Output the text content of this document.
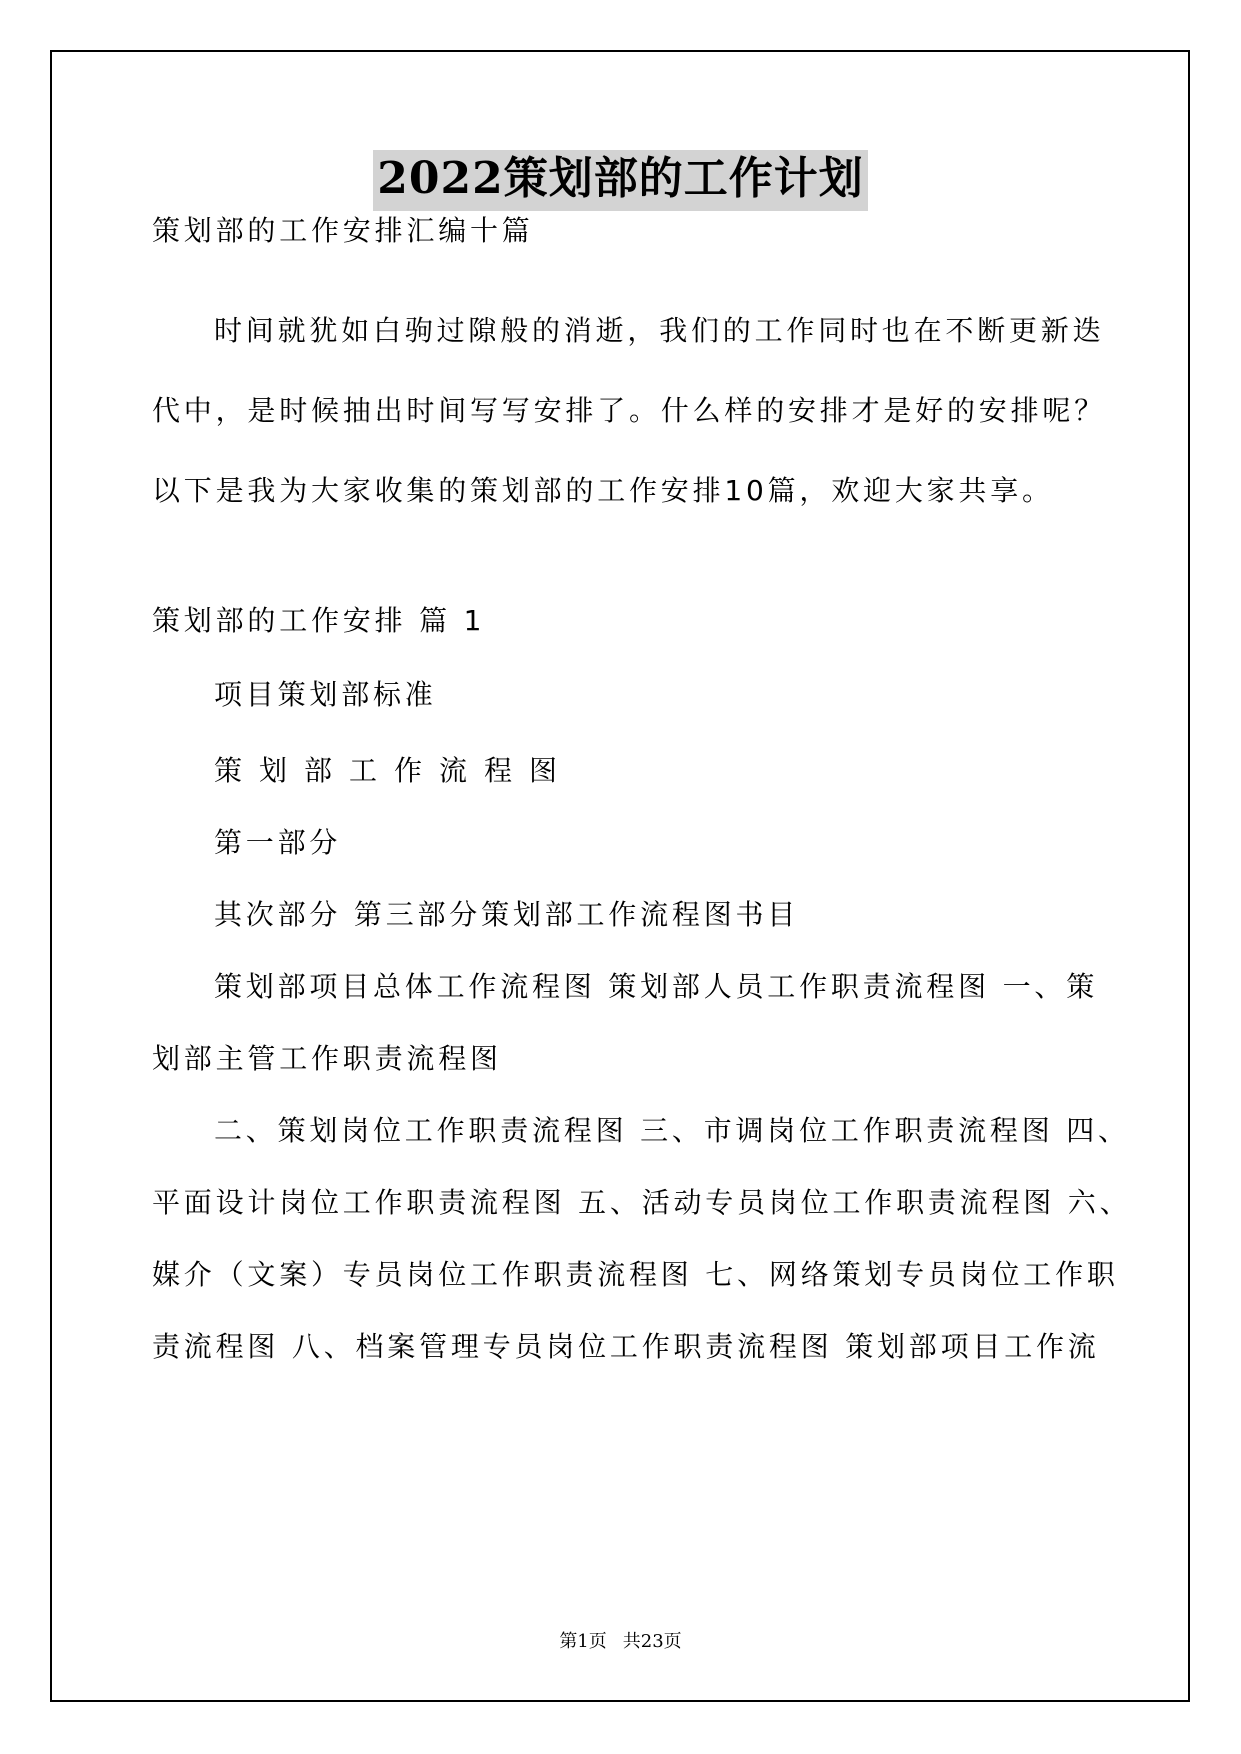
2022策划部的工作计划
策划部的工作安排汇编十篇
时间就犹如白驹过隙般的消逝，我们的工作同时也在不断更新迭
代中，是时候抽出时间写写安排了。什么样的安排才是好的安排呢？
以下是我为大家收集的策划部的工作安排10篇，欢迎大家共享。
策划部的工作安排 篇 1
项目策划部标准
策划部工作流程图
第一部分
其次部分 第三部分策划部工作流程图书目
策划部项目总体工作流程图 策划部人员工作职责流程图 一、策
划部主管工作职责流程图
二、策划岗位工作职责流程图 三、市调岗位工作职责流程图 四、
平面设计岗位工作职责流程图 五、活动专员岗位工作职责流程图 六、
媒介（文案）专员岗位工作职责流程图 七、网络策划专员岗位工作职
责流程图 八、档案管理专员岗位工作职责流程图 策划部项目工作流
第1页 共23页
